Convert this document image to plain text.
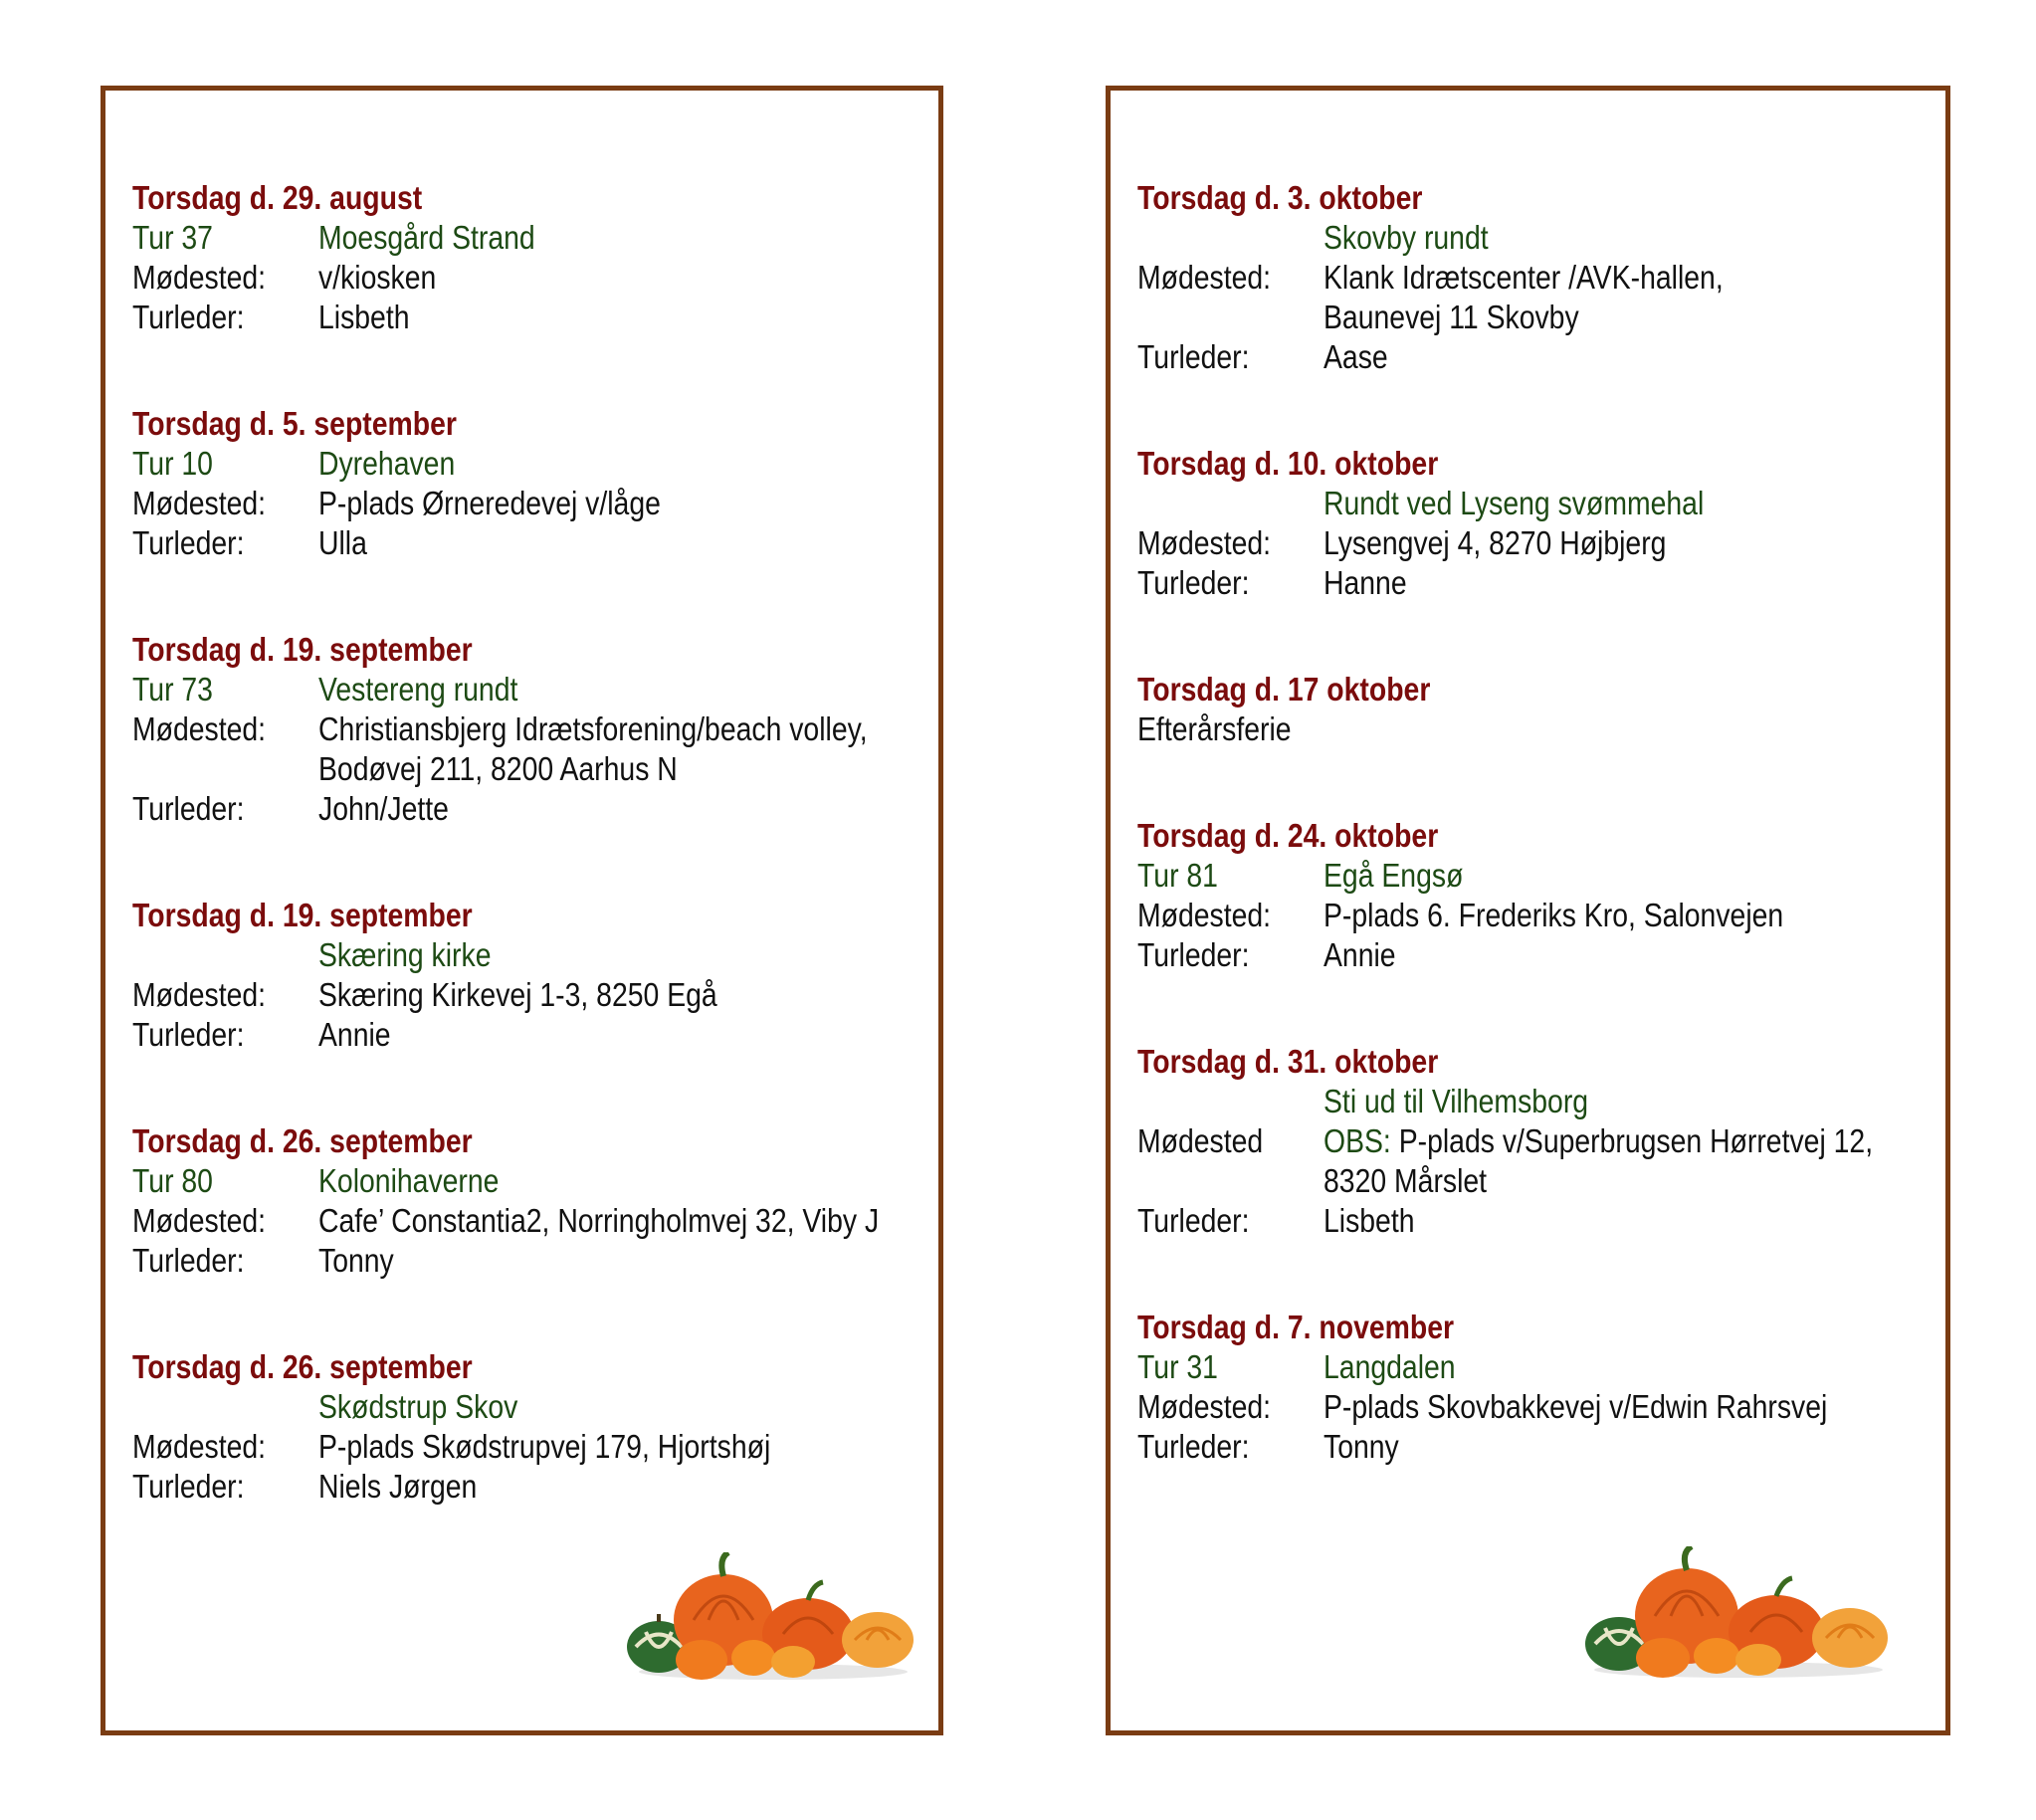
Torsdag d. 29. august
Tur 37	Moesgård Strand
Mødested:	v/kiosken
Turleder:	Lisbeth
Torsdag d. 5. september
Tur 10	Dyrehaven
Mødested:	P-plads Ørneredevej v/låge
Turleder:	Ulla
Torsdag d. 19. september
Tur 73	Vestereng rundt
Mødested:	Christiansbjerg Idrætsforening/beach volley,
Bodøvej 211, 8200 Aarhus N
Turleder:	John/Jette
Torsdag d. 19. september
Skæring kirke
Mødested:	Skæring Kirkevej 1-3, 8250 Egå
Turleder:	Annie
Torsdag d. 26. september
Tur 80	Kolonihaverne
Mødested:	Cafe’ Constantia2, Norringholmvej 32, Viby J
Turleder:	Tonny
Torsdag d. 26. september
Skødstrup Skov
Mødested:	P-plads Skødstrupvej 179, Hjortshøj
Turleder:	Niels Jørgen
Torsdag d. 3. oktober
Skovby rundt
Mødested:	Klank Idrætscenter /AVK-hallen,
Baunevej 11 Skovby
Turleder:	Aase
Torsdag d. 10. oktober
Rundt ved Lyseng svømmehal
Mødested:	Lysengvej 4, 8270 Højbjerg
Turleder:	Hanne
Torsdag d. 17 oktober
Efterårsferie
Torsdag d. 24. oktober
Tur 81	Egå Engsø
Mødested:	P-plads 6. Frederiks Kro, Salonvejen
Turleder:	Annie
Torsdag d. 31. oktober
Sti ud til Vilhemsborg
Mødested	OBS: P-plads v/Superbrugsen Hørretvej 12,
8320 Mårslet
Turleder:	Lisbeth
Torsdag d. 7. november
Tur 31	Langdalen
Mødested:	P-plads Skovbakkevej v/Edwin Rahrsvej
Turleder:	Tonny
